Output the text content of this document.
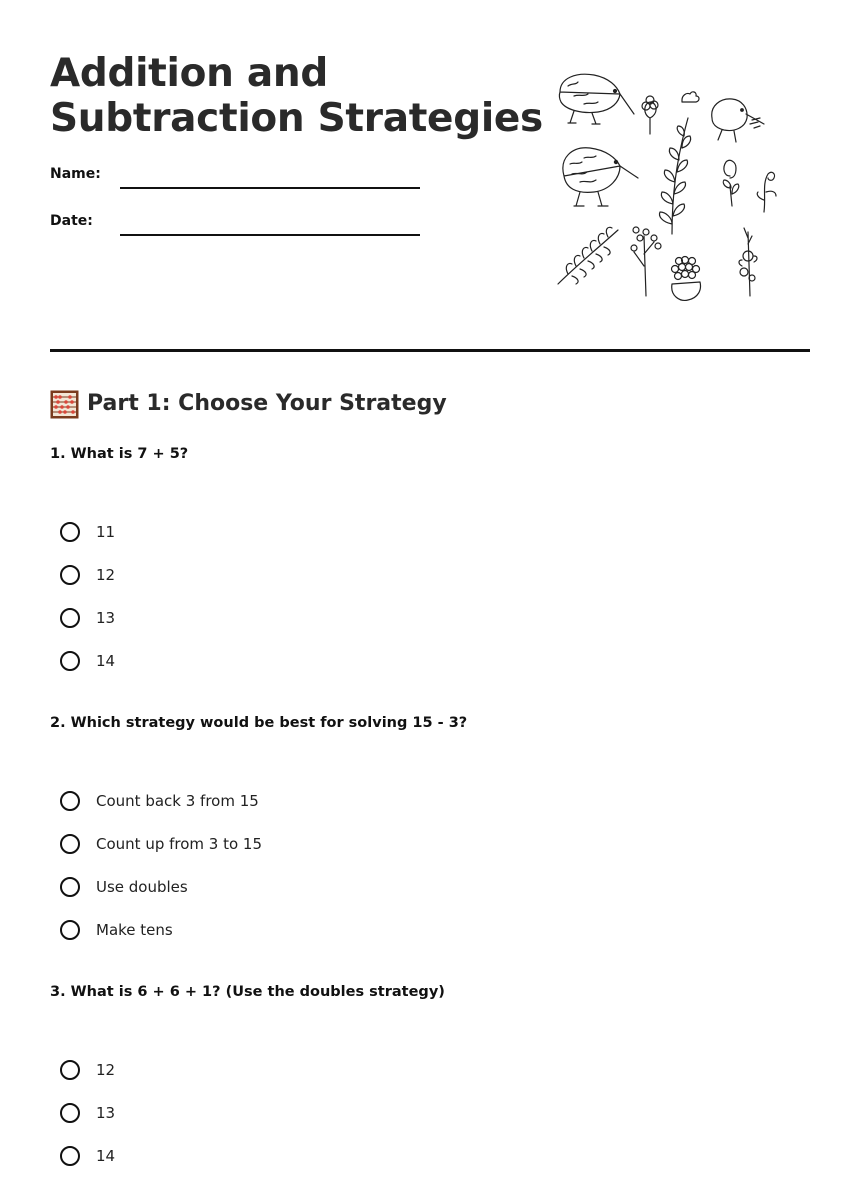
Addition and
Subtraction Strategies
Name:
Date:
Part 1: Choose Your Strategy

1. What is 7 + 5?

11
12
13
14

2. Which strategy would be best for solving 15 - 3?

Count back 3 from 15
Count up from 3 to 15
Use doubles
Make tens

3. What is 6 + 6 + 1? (Use the doubles strategy)

12
13
14
